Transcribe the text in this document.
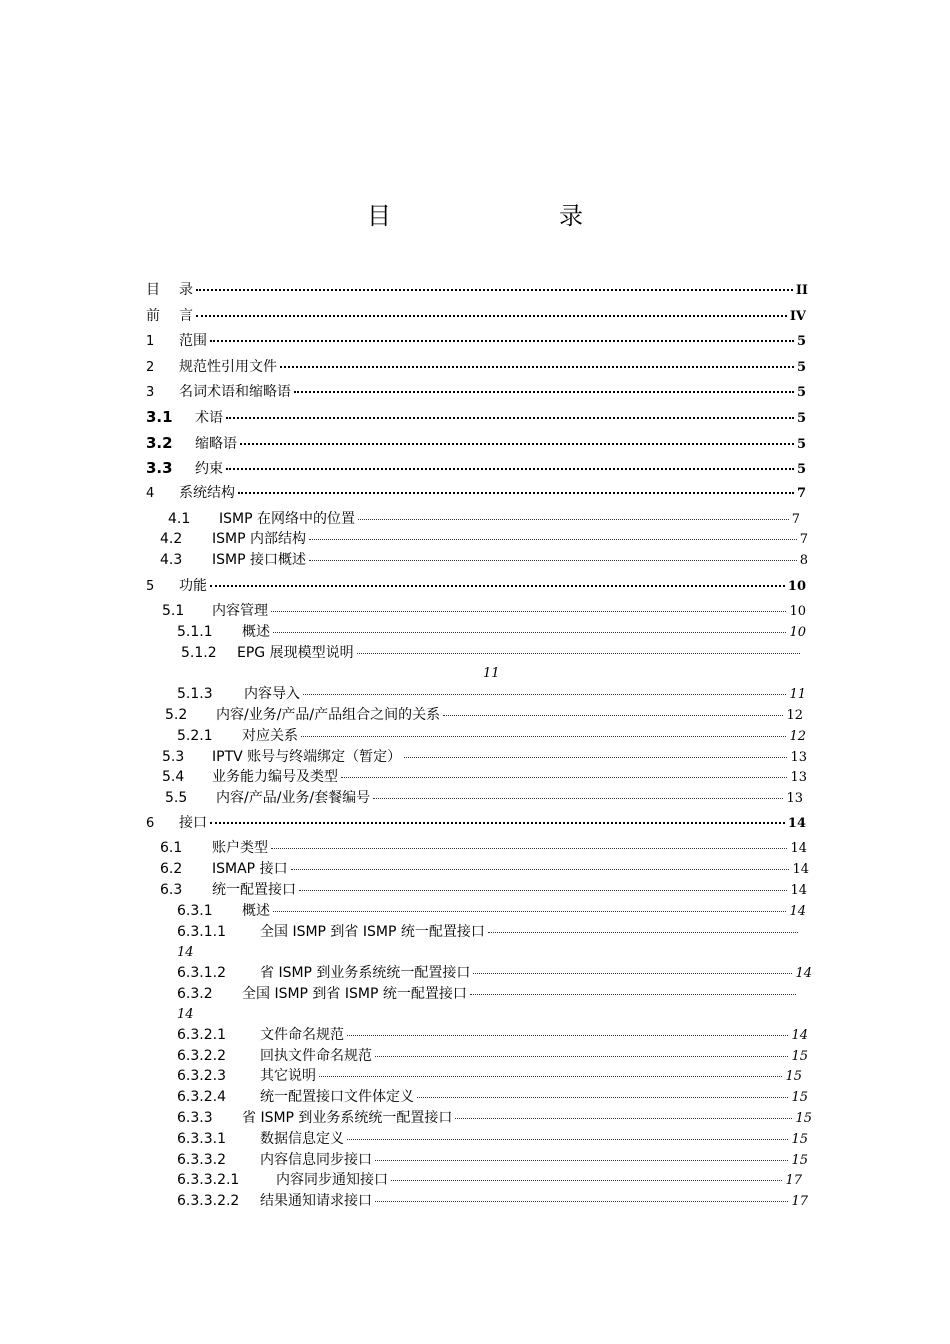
目　　录
目	录	II
前	言	IV
1	范围	5
2	规范性引用文件	5
3	名词术语和缩略语	5
3.1	术语	5
3.2	缩略语	5
3.3	约束	5
4	系统结构	7
4.1	ISMP 在网络中的位置	7
4.2	ISMP 内部结构	7
4.3	ISMP 接口概述	8
5	功能	10
5.1	内容管理	10
5.1.1	概述	10
5.1.2	EPG 展现模型说明
11
5.1.3	内容导入	11
5.2	内容/业务/产品/产品组合之间的关系	12
5.2.1	对应关系	12
5.3	IPTV 账号与终端绑定（暂定）	13
5.4	业务能力编号及类型	13
5.5	内容/产品/业务/套餐编号	13
6	接口	14
6.1	账户类型	14
6.2	ISMAP 接口	14
6.3	统一配置接口	14
6.3.1	概述	14
6.3.1.1	全国 ISMP 到省 ISMP 统一配置接口
14
6.3.1.2	省 ISMP 到业务系统统一配置接口	14
6.3.2	全国 ISMP 到省 ISMP 统一配置接口
14
6.3.2.1	文件命名规范	14
6.3.2.2	回执文件命名规范	15
6.3.2.3	其它说明	15
6.3.2.4	统一配置接口文件体定义	15
6.3.3	省 ISMP 到业务系统统一配置接口	15
6.3.3.1	数据信息定义	15
6.3.3.2	内容信息同步接口	15
6.3.3.2.1	内容同步通知接口	17
6.3.3.2.2	结果通知请求接口	17
